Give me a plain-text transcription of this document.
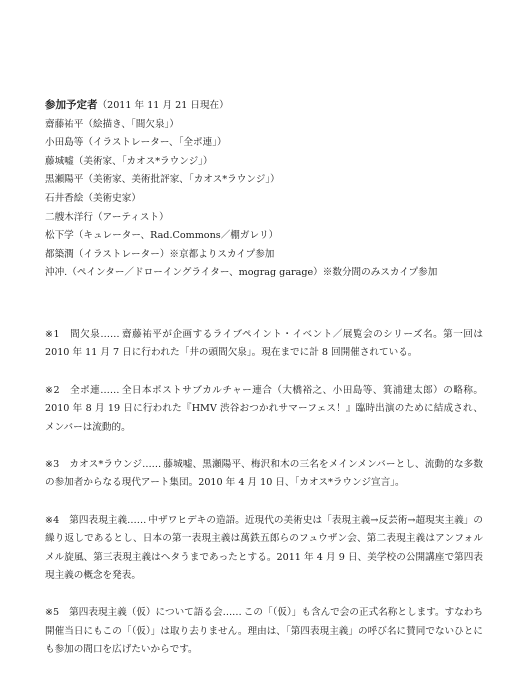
参加予定者（2011 年 11 月 21 日現在）
齋藤祐平（絵描き、「間欠泉」）
小田島等（イラストレーター、「全ポ連」）
藤城嘘（美術家、「カオス*ラウンジ」）
黒瀬陽平（美術家、美術批評家、「カオス*ラウンジ」）
石井香絵（美術史家）
二艘木洋行（アーティスト）
松下学（キュレーター、Rad.Commons／棚ガレリ）
都築潤（イラストレーター）※京都よりスカイプ参加
沖冲.（ペインター／ドローイングライター、mograg garage）※数分間のみスカイプ参加

※1 間欠泉…… 齋藤祐平が企画するライブペイント・イベント／展覧会のシリーズ名。第一回は 2010 年 11 月 7 日に行われた「井の頭間欠泉」。現在までに計 8 回開催されている。

※2 全ポ連…… 全日本ポストサブカルチャー連合（大橋裕之、小田島等、箕浦建太郎）の略称。2010 年 8 月 19 日に行われた『HMV 渋谷おつかれサマーフェス！』臨時出演のために結成され、メンバーは流動的。

※3 カオス*ラウンジ…… 藤城嘘、黒瀬陽平、梅沢和木の三名をメインメンバーとし、流動的な多数の参加者からなる現代アート集団。2010 年 4 月 10 日、「カオス*ラウンジ宣言」。

※4 第四表現主義…… 中ザワヒデキの造語。近現代の美術史は「表現主義→反芸術→超現実主義」の繰り返しであるとし、日本の第一表現主義は萬鉄五郎らのフュウザン会、第二表現主義はアンフォルメル旋風、第三表現主義はヘタうまであったとする。2011 年 4 月 9 日、美学校の公開講座で第四表現主義の概念を発表。

※5 第四表現主義（仮）について語る会…… この「（仮）」も含んで会の正式名称とします。すなわち開催当日にもこの「（仮）」は取り去りません。理由は、「第四表現主義」の呼び名に賛同でないひとにも参加の間口を広げたいからです。
